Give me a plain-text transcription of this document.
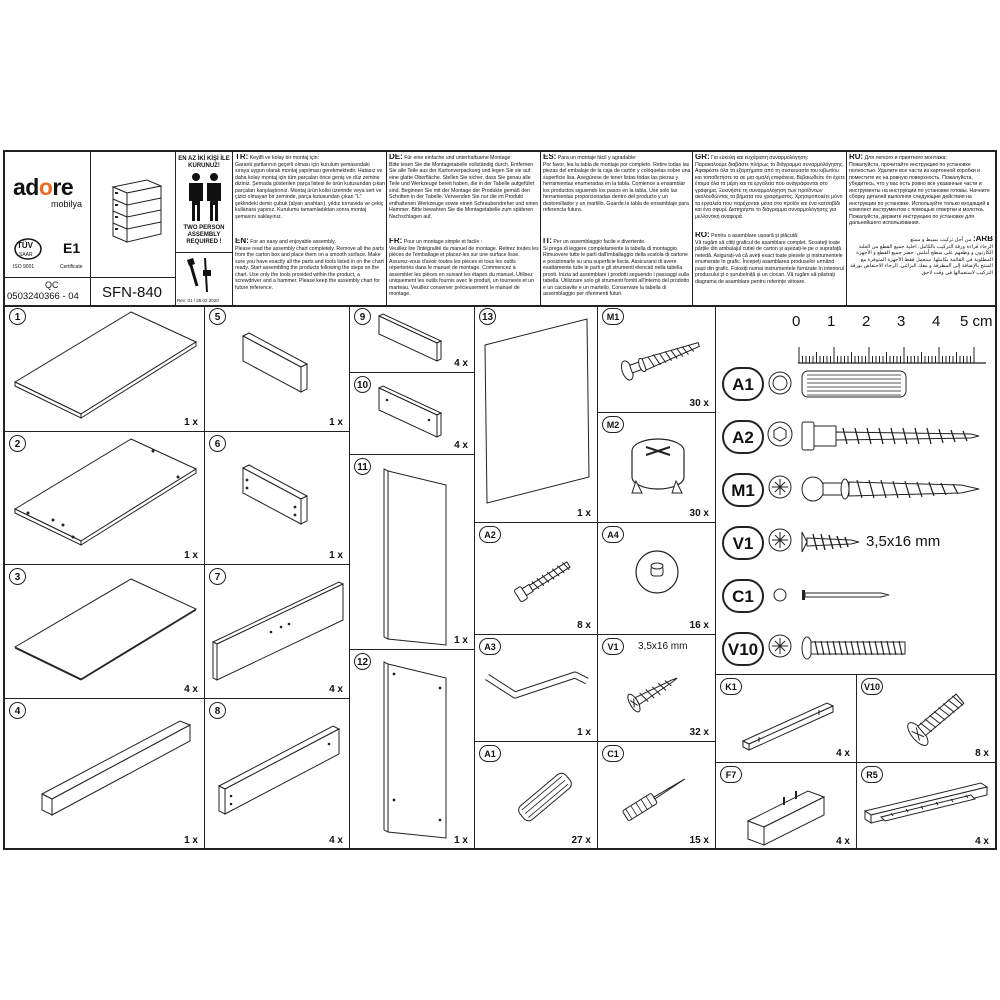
adore
mobilya
TÜV
SAAR
ISO 9001
E1
Certificate
QC
0503240366 - 04 SFN-840
EN AZ İKİ KİŞİ İLE KURUNUZ!
TWO PERSON ASSEMBLY REQUIRED !
Rev: 01 / 25.02.2020
TR: Keyifli ve kolay bir montaj için:
Garanti şartlarının geçerli olması için kurulum şemasındaki sıraya uygun olarak montaj yapılması gerekmektedir. Hatasız ve daha kolay montaj için tüm parçaları önce geniş ve düz zemine diziniz. Şemada gösterilen parça listesi ile ürün kutusundan çıkan parçaları karşılaştırınız. Montaj ürün kolisi üzerinde veya sert ve çizici olmayan bir zeminde, parça kutusundan çıkan "L" şeklindeki demir çubuk (alyan anahtarı), yıldız tornavida ve çekiç kullanara yapınız. Kurulumu tamamladıktan sonra montaj şemasını saklayınız.
EN: For an easy and enjoyable assembly.
Please read the assembly chart completely. Remove all the parts from the carton box and place them on a smooth surface. Make sure you have exactly all the parts and tools listed in on the chart ready. Start assembling the products following the steps on the chart. Use only the tools provided within the product, a screwdriver and a hammer. Please keep the assembly chart for future reference.
DE: Für eine einfache und unterhaltsame Montage:
Bitte lesen Sie die Montagetabelle vollständig durch. Entfernen Sie alle Teile aus der Kartonverpackung und legen Sie sie auf eine glatte Oberfläche. Stellen Sie sicher, dass Sie genau alle Teile und Werkzeuge bereit haben, die in der Tabelle aufgeführt sind. Beginnen Sie mit der Montage der Produkte gemäß den Schritten in der Tabelle. Verwenden Sie nur die im Produkt enthaltenen Werkzeuge sowie einen Schraubendreher und einen Hammer. Bitte bewahren Sie die Montagetabelle zum späteren Nachschlagen auf.
FR: Pour un montage simple et facile :
Veuillez lire l'intégralité du manuel de montage. Retirez toutes les pièces de l'emballage et placez-les sur une surface lisse. Assurez-vous d'avoir toutes les pièces et tous les outils répertoriés dans le manuel de montage. Commencez à assembler les pièces en suivant les étapes du manuel. Utilisez uniquement les outils fournis avec le produit, un tournevis et un marteau. Veuillez conserver précieusement le manuel de montage.
ES: Para un montaje fácil y agradable:
Por favor, lea la tabla de montaje por completo. Retire todas las piezas del embalaje de la caja de cartón y colóquelas sobre una superficie lisa. Asegúrese de tener listas todas las piezas y herramientas enumeradas en la tabla. Comience a ensamblar los productos siguiendo los pasos en la tabla. Use solo las herramientas proporcionadas dentro del producto y un destornillador y un martillo. Guarde la tabla de ensamblaje para referencia futura.
IT: Per un assemblaggio facile e divertente.
Si prega di leggere completamente la tabella di montaggio. Rimuovere tutte le parti dall'imballaggio della scatola di cartone e posizionarle su una superficie liscia. Assicurarsi di avere esattamente tutte le parti e gli strumenti elencati nella tabella pronti. Inizia ad assemblare i prodotti seguendo i passaggi sulla tabella. Utilizzare solo gli strumenti forniti all'interno del prodotto e un cacciavite e un martello. Conservare la tabella di assemblaggio per riferimenti futuri.
GR: Για εύκολη και ευχάριστη συναρμολόγηση:
Παρακαλούμε διαβάστε πλήρως το διάγραμμα συναρμολόγησης. Αφαιρέστε όλα τα εξαρτήματα από τη συσκευασία του κιβωτίου και τοποθετήστε τα σε μια ομαλή επιφάνεια. Βεβαιωθείτε ότι έχετε έτοιμα όλα τα μέρη και τα εργαλεία που αναγράφονται στο γράφημα. Ξεκινήστε τη συναρμολόγηση των προϊόντων ακολουθώντας τα βήματα του γραφήματος. Χρησιμοποιείτε μόνο τα εργαλεία που παρέχονται μέσα στο προϊόν και ένα κατσαβίδι και ένα σφυρί. Διατηρήστε το διάγραμμα συναρμολόγησης για μελλοντική αναφορά.
RO: Pentru o asamblare ușoară și plăcută:
Vă rugăm să citiți graficul de asamblare complet. Scoateți toate părțile din ambalajul cutiei de carton și așezați-le pe o suprafață netedă. Asigurați-vă că aveți exact toate piesele și instrumentele enumerate în grafic. Începeți asamblarea produselor urmând pașii din grafic. Folosiți numai instrumentele furnizate în interiorul produsului și o șurubelniță și un ciocan. Vă rugăm să păstrați diagrama de asamblare pentru referințe viitoare.
RU: Для легкого и приятного монтажа:
Пожалуйста, прочитайте инструкцию по установке полностью. Удалите все части из картонной коробки и поместите их на ровную поверхность. Пожалуйста, убедитесь, что у вас есть ровно все указанные части и инструменты на инструкции по установке готовы. Начните сборку деталей выполняя следующие действия на инструкции по установке. Используйте только входящий в комплект инструментов с помощью отвертки и молотка. Пожалуйста, держите инструкцию по установке для дальнейшего использования.
ARB: من أجل تركيب بسيط و ممتع
الرجاء قراءة ورقة التركيب بالكامل. اخلية جميع القطع من العلبة الكارتون و وظعهم على سطح أملس. حضر جميع القطع و الأجهزة المطلوبة في القائمة بكاملها. ستعمل فقط الأجهزة المتوفرة مع المنتج بالإضافة إلى المطرقة و مفك البراغي. الرجاء الاحتفاض بورقة التركيب لاستعمالها في وقت لاحق.
1
1 x
2
1 x
3
4 x
4
1 x
5
1 x
6
1 x
7
4 x
8
4 x
9
4 x
10
4 x
11
1 x
12
1 x
13
1 x
A2
8 x
A3
1 x
A1
27 x
M1
30 x
M2
30 x
A4
16 x
V1	3,5x16 mm
32 x
C1
15 x
0 1 2 3 4 5 cm
A1
A2
M1
V1	3,5x16 mm
C1
V10
K1
4 x
V10
8 x
F7
4 x
R5
4 x
